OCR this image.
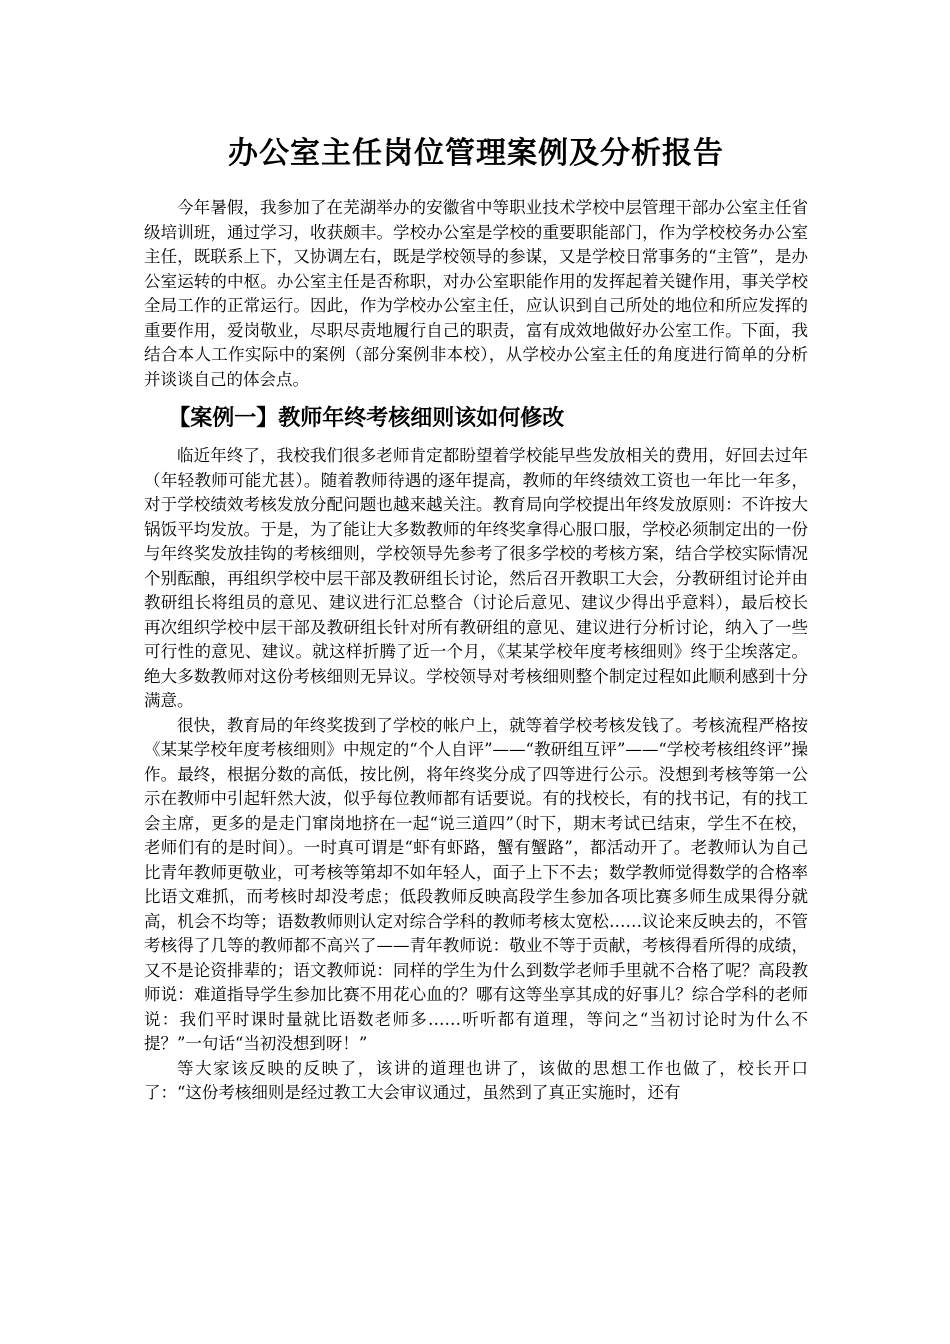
办公室主任岗位管理案例及分析报告

今年暑假，我参加了在芜湖举办的安徽省中等职业技术学校中层管理干部办公室主任省级培训班，通过学习，收获颇丰。学校办公室是学校的重要职能部门，作为学校校务办公室主任，既联系上下，又协调左右，既是学校领导的参谋，又是学校日常事务的“主管”，是办公室运转的中枢。办公室主任是否称职，对办公室职能作用的发挥起着关键作用，事关学校全局工作的正常运行。因此，作为学校办公室主任，应认识到自己所处的地位和所应发挥的重要作用，爱岗敬业，尽职尽责地履行自己的职责，富有成效地做好办公室工作。下面，我结合本人工作实际中的案例（部分案例非本校），从学校办公室主任的角度进行简单的分析并谈谈自己的体会点。

【案例一】教师年终考核细则该如何修改

临近年终了，我校我们很多老师肯定都盼望着学校能早些发放相关的费用，好回去过年（年轻教师可能尤甚）。随着教师待遇的逐年提高，教师的年终绩效工资也一年比一年多，对于学校绩效考核发放分配问题也越来越关注。教育局向学校提出年终发放原则：不许按大锅饭平均发放。于是，为了能让大多数教师的年终奖拿得心服口服，学校必须制定出的一份与年终奖发放挂钩的考核细则，学校领导先参考了很多学校的考核方案，结合学校实际情况个别酝酿，再组织学校中层干部及教研组长讨论，然后召开教职工大会，分教研组讨论并由教研组长将组员的意见、建议进行汇总整合（讨论后意见、建议少得出乎意料），最后校长再次组织学校中层干部及教研组长针对所有教研组的意见、建议进行分析讨论，纳入了一些可行性的意见、建议。就这样折腾了近一个月，《某某学校年度考核细则》终于尘埃落定。绝大多数教师对这份考核细则无异议。学校领导对考核细则整个制定过程如此顺利感到十分满意。

很快，教育局的年终奖拨到了学校的帐户上，就等着学校考核发钱了。考核流程严格按《某某学校年度考核细则》中规定的“个人自评”——“教研组互评”——“学校考核组终评”操作。最终，根据分数的高低，按比例，将年终奖分成了四等进行公示。没想到考核等第一公示在教师中引起轩然大波，似乎每位教师都有话要说。有的找校长，有的找书记，有的找工会主席，更多的是走门窜岗地挤在一起“说三道四”（时下，期末考试已结束，学生不在校，老师们有的是时间）。一时真可谓是“虾有虾路，蟹有蟹路”，都活动开了。老教师认为自己比青年教师更敬业，可考核等第却不如年轻人，面子上下不去；数学教师觉得数学的合格率比语文难抓，而考核时却没考虑；低段教师反映高段学生参加各项比赛多师生成果得分就高，机会不均等；语数教师则认定对综合学科的教师考核太宽松……议论来反映去的，不管考核得了几等的教师都不高兴了——青年教师说：敬业不等于贡献，考核得看所得的成绩，又不是论资排辈的；语文教师说：同样的学生为什么到数学老师手里就不合格了呢？高段教师说：难道指导学生参加比赛不用花心血的？哪有这等坐享其成的好事儿？综合学科的老师说：我们平时课时量就比语数老师多……听听都有道理，等问之“当初讨论时为什么不提？”一句话“当初没想到呀！”

等大家该反映的反映了，该讲的道理也讲了，该做的思想工作也做了，校长开口了：“这份考核细则是经过教工大会审议通过，虽然到了真正实施时，还有
